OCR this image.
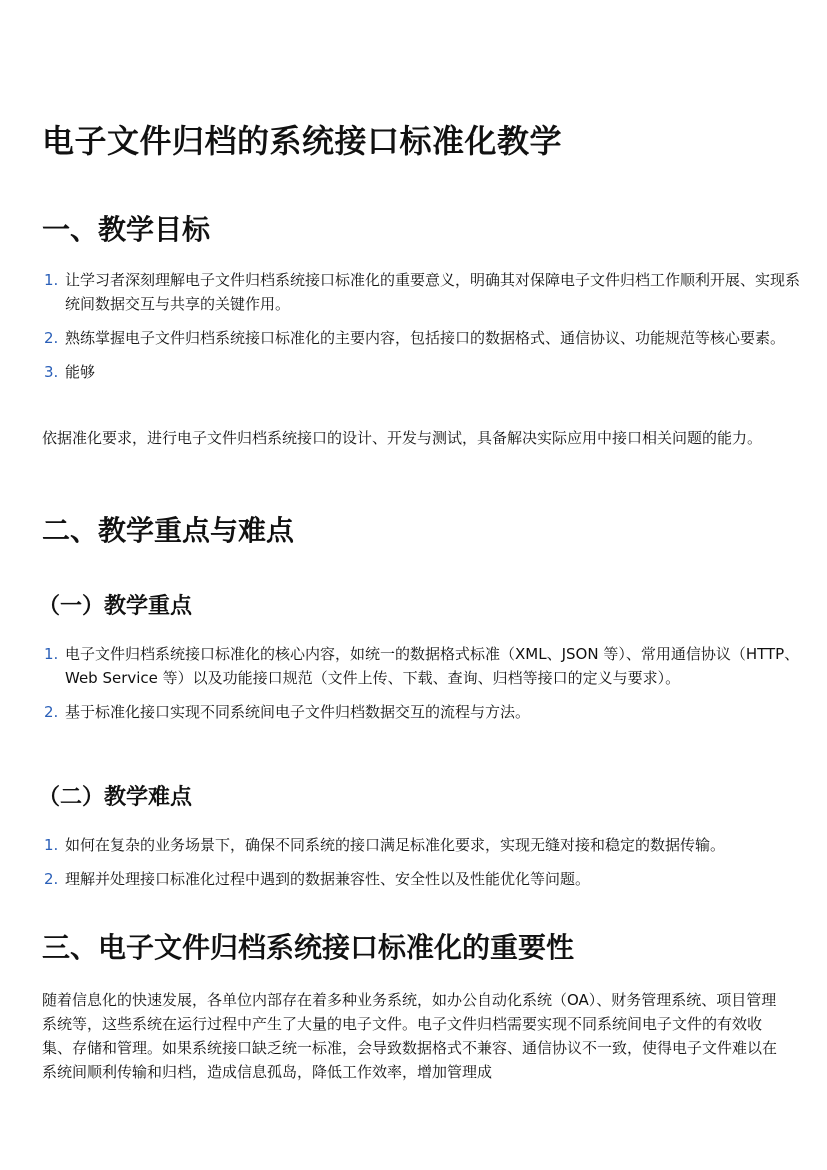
电子文件归档的系统接口标准化教学
一、教学目标
1. 让学习者深刻理解电子文件归档系统接口标准化的重要意义，明确其对保障电子文件归档工作顺利开展、实现系统间数据交互与共享的关键作用。
2. 熟练掌握电子文件归档系统接口标准化的主要内容，包括接口的数据格式、通信协议、功能规范等核心要素。
3. 能够

依据准化要求，进行电子文件归档系统接口的设计、开发与测试，具备解决实际应用中接口相关问题的能力。

二、教学重点与难点
（一）教学重点
1. 电子文件归档系统接口标准化的核心内容，如统一的数据格式标准（XML、JSON 等）、常用通信协议（HTTP、Web Service 等）以及功能接口规范（文件上传、下载、查询、归档等接口的定义与要求）。
2. 基于标准化接口实现不同系统间电子文件归档数据交互的流程与方法。
（二）教学难点
1. 如何在复杂的业务场景下，确保不同系统的接口满足标准化要求，实现无缝对接和稳定的数据传输。
2. 理解并处理接口标准化过程中遇到的数据兼容性、安全性以及性能优化等问题。
三、电子文件归档系统接口标准化的重要性

随着信息化的快速发展，各单位内部存在着多种业务系统，如办公自动化系统（OA）、财务管理系统、项目管理系统等，这些系统在运行过程中产生了大量的电子文件。电子文件归档需要实现不同系统间电子文件的有效收集、存储和管理。如果系统接口缺乏统一标准，会导致数据格式不兼容、通信协议不一致，使得电子文件难以在系统间顺利传输和归档，造成信息孤岛，降低工作效率，增加管理成
